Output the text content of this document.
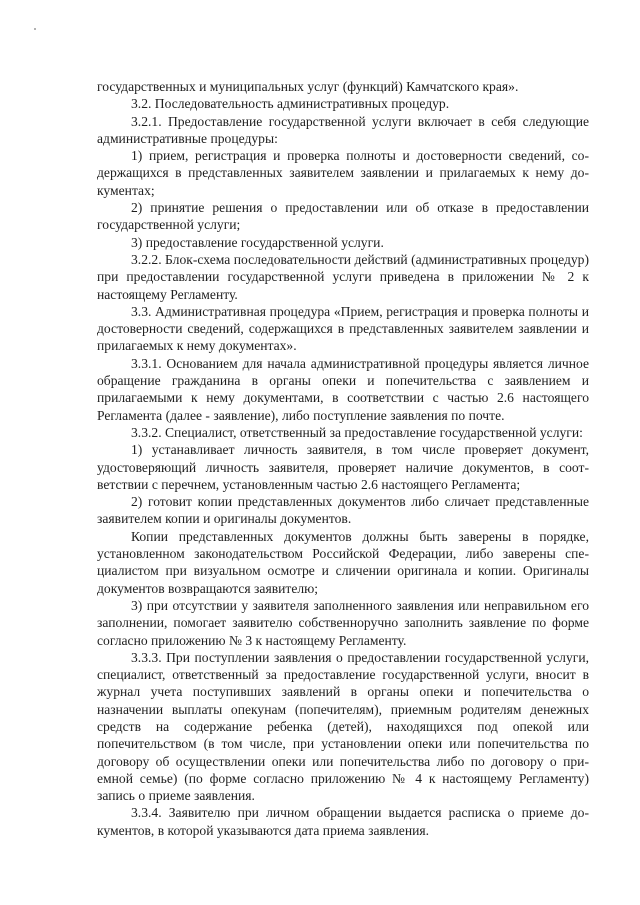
государственных и муниципальных услуг (функций) Камчатского края».

3.2. Последовательность административных процедур.

3.2.1. Предоставление государственной услуги включает в себя следующие административные процедуры:

1) прием, регистрация и проверка полноты и достоверности сведений, содержащихся в представленных заявителем заявлении и прилагаемых к нему документах;

2) принятие решения о предоставлении или об отказе в предоставлении государственной услуги;

3) предоставление государственной услуги.

3.2.2. Блок-схема последовательности действий (административных процедур) при предоставлении государственной услуги приведена в приложении № 2 к настоящему Регламенту.

3.3. Административная процедура «Прием, регистрация и проверка полноты и достоверности сведений, содержащихся в представленных заявителем заявлении и прилагаемых к нему документах».

3.3.1. Основанием для начала административной процедуры является личное обращение гражданина в органы опеки и попечительства с заявлением и прилагаемыми к нему документами, в соответствии с частью 2.6 настоящего Регламента (далее - заявление), либо поступление заявления по почте.

3.3.2. Специалист, ответственный за предоставление государственной услуги:

1) устанавливает личность заявителя, в том числе проверяет документ, удостоверяющий личность заявителя, проверяет наличие документов, в соответствии с перечнем, установленным частью 2.6 настоящего Регламента;

2) готовит копии представленных документов либо сличает представленные заявителем копии и оригиналы документов.

Копии представленных документов должны быть заверены в порядке, установленном законодательством Российской Федерации, либо заверены специалистом при визуальном осмотре и сличении оригинала и копии. Оригиналы документов возвращаются заявителю;

3) при отсутствии у заявителя заполненного заявления или неправильном его заполнении, помогает заявителю собственноручно заполнить заявление по форме согласно приложению № 3 к настоящему Регламенту.

3.3.3. При поступлении заявления о предоставлении государственной услуги, специалист, ответственный за предоставление государственной услуги, вносит в журнал учета поступивших заявлений в органы опеки и попечительства о назначении выплаты опекунам (попечителям), приемным родителям денежных средств на содержание ребенка (детей), находящихся под опекой или попечительством (в том числе, при установлении опеки или попечительства по договору об осуществлении опеки или попечительства либо по договору о приемной семье) (по форме согласно приложению № 4 к настоящему Регламенту) запись о приеме заявления.

3.3.4. Заявителю при личном обращении выдается расписка о приеме документов, в которой указываются дата приема заявления.
